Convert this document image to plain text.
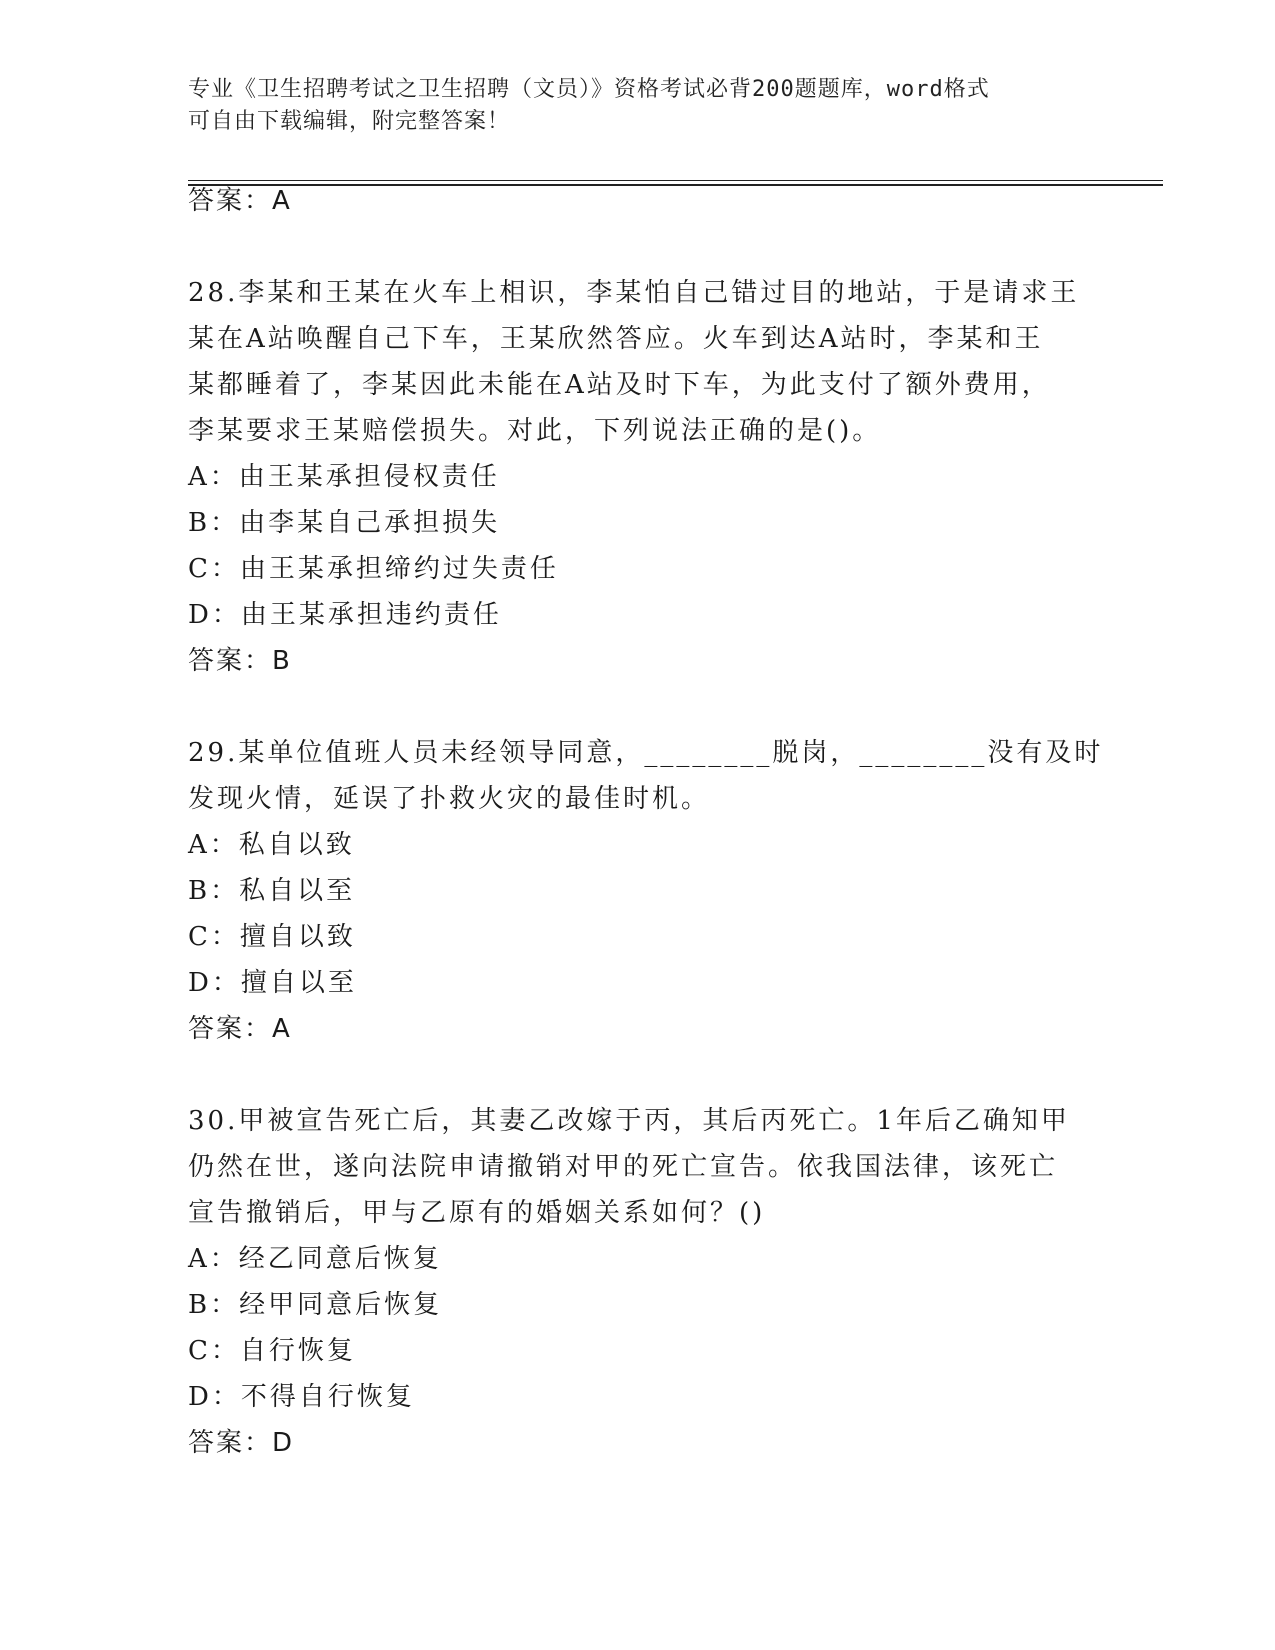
专业《卫生招聘考试之卫生招聘（文员）》资格考试必背200题题库，word格式
可自由下载编辑，附完整答案！
答案：A
28.李某和王某在火车上相识，李某怕自己错过目的地站，于是请求王
某在A站唤醒自己下车，王某欣然答应。火车到达A站时，李某和王
某都睡着了，李某因此未能在A站及时下车，为此支付了额外费用，
李某要求王某赔偿损失。对此，下列说法正确的是()。
A：由王某承担侵权责任
B：由李某自己承担损失
C：由王某承担缔约过失责任
D：由王某承担违约责任
答案：B
29.某单位值班人员未经领导同意，________脱岗，________没有及时
发现火情，延误了扑救火灾的最佳时机。
A：私自以致
B：私自以至
C：擅自以致
D：擅自以至
答案：A
30.甲被宣告死亡后，其妻乙改嫁于丙，其后丙死亡。1年后乙确知甲
仍然在世，遂向法院申请撤销对甲的死亡宣告。依我国法律，该死亡
宣告撤销后，甲与乙原有的婚姻关系如何？()
A：经乙同意后恢复
B：经甲同意后恢复
C：自行恢复
D：不得自行恢复
答案：D
